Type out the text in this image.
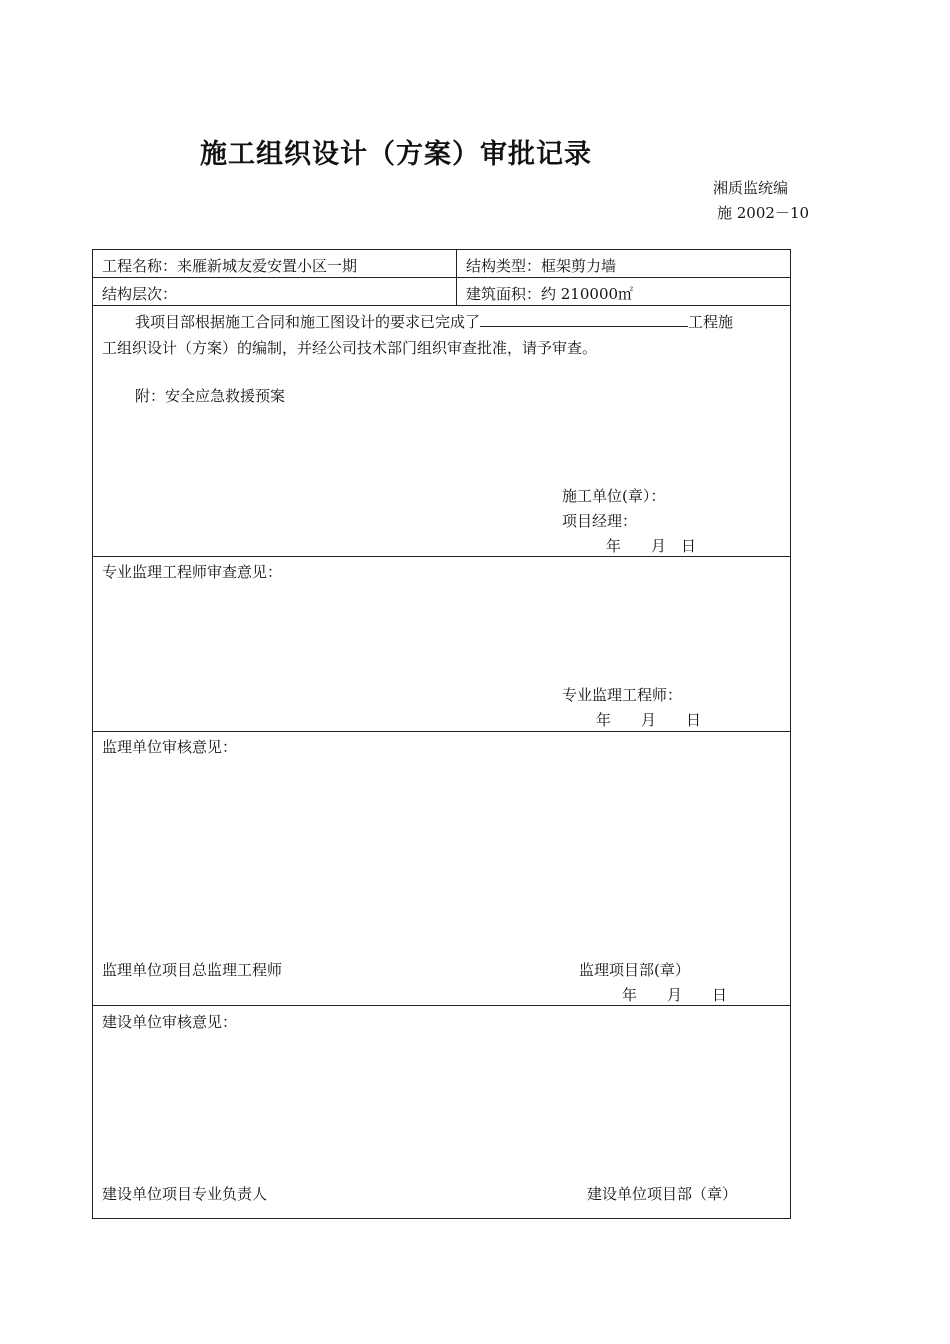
施工组织设计（方案）审批记录
湘质监统编
施 2002－10
工程名称：来雁新城友爱安置小区一期	结构类型：框架剪力墙
结构层次：	建筑面积：约 210000㎡
我项目部根据施工合同和施工图设计的要求已完成了	工程施
工组织设计（方案）的编制，并经公司技术部门组织审查批准，请予审查。
附：安全应急救援预案
施工单位(章）：
项目经理：
年　　月　日
专业监理工程师审查意见：
专业监理工程师：
年　　月　　日
监理单位审核意见：
监理单位项目总监理工程师	监理项目部(章）
年　　月　　日
建设单位审核意见：
建设单位项目专业负责人	建设单位项目部（章）
